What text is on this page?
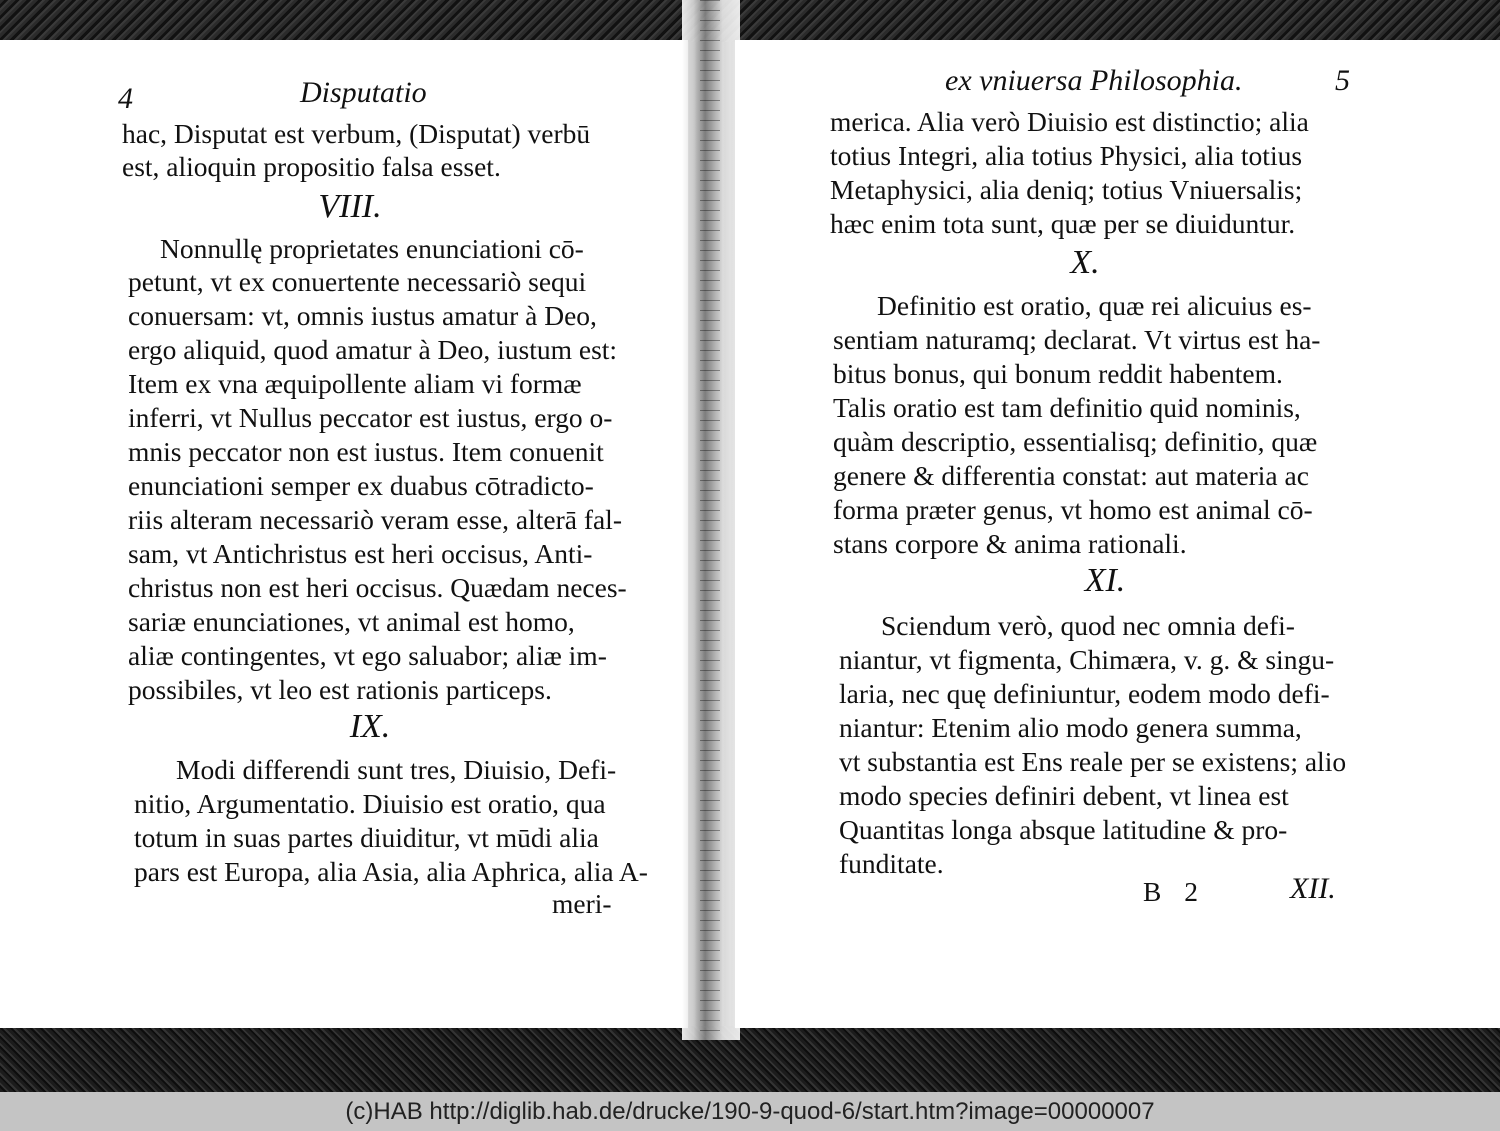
4	Disputatio
hac, Disputat est verbum, (Disputat) verbū
est, alioquin propositio falsa esset.
VIII.
Nonnullę proprietates enunciationi cō-
petunt, vt ex conuertente necessariò sequi
conuersam: vt, omnis iustus amatur à Deo,
ergo aliquid, quod amatur à Deo, iustum est:
Item ex vna æquipollente aliam vi formæ
inferri, vt Nullus peccator est iustus, ergo o-
mnis peccator non est iustus. Item conuenit
enunciationi semper ex duabus cōtradicto-
riis alteram necessariò veram esse, alterā fal-
sam, vt Antichristus est heri occisus, Anti-
christus non est heri occisus. Quædam neces-
sariæ enunciationes, vt animal est homo,
aliæ contingentes, vt ego saluabor; aliæ im-
possibiles, vt leo est rationis particeps.
IX.
Modi differendi sunt tres, Diuisio, Defi-
nitio, Argumentatio. Diuisio est oratio, qua
totum in suas partes diuiditur, vt mūdi alia
pars est Europa, alia Asia, alia Aphrica, alia A-
meri-
ex vniuersa Philosophia.	5
merica. Alia verò Diuisio est distinctio; alia
totius Integri, alia totius Physici, alia totius
Metaphysici, alia deniq; totius Vniuersalis;
hæc enim tota sunt, quæ per se diuiduntur.
X.
Definitio est oratio, quæ rei alicuius es-
sentiam naturamq; declarat. Vt virtus est ha-
bitus bonus, qui bonum reddit habentem.
Talis oratio est tam definitio quid nominis,
quàm descriptio, essentialisq; definitio, quæ
genere & differentia constat: aut materia ac
forma præter genus, vt homo est animal cō-
stans corpore & anima rationali.
XI.
Sciendum verò, quod nec omnia defi-
niantur, vt figmenta, Chimæra, v. g. & singu-
laria, nec quę definiuntur, eodem modo defi-
niantur: Etenim alio modo genera summa,
vt substantia est Ens reale per se existens; alio
modo species definiri debent, vt linea est
Quantitas longa absque latitudine & pro-
funditate.
B 2	XII.
(c)HAB http://diglib.hab.de/drucke/190-9-quod-6/start.htm?image=00000007
